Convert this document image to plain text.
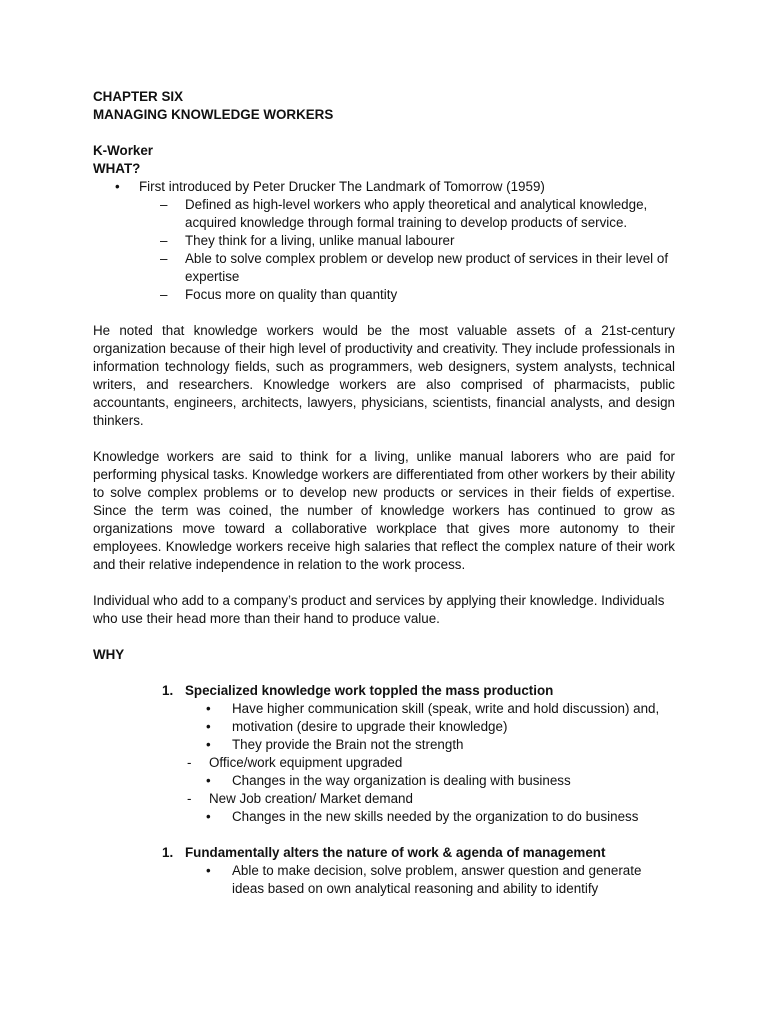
CHAPTER SIX
MANAGING KNOWLEDGE WORKERS
K-Worker
WHAT?
• First introduced by Peter Drucker The Landmark of Tomorrow (1959)
– Defined as high-level workers who apply theoretical and analytical knowledge, acquired knowledge through formal training to develop products of service.
– They think for a living, unlike manual labourer
– Able to solve complex problem or develop new product of services in their level of expertise
– Focus more on quality than quantity
He noted that knowledge workers would be the most valuable assets of a 21st-century organization because of their high level of productivity and creativity. They include professionals in information technology fields, such as programmers, web designers, system analysts, technical writers, and researchers. Knowledge workers are also comprised of pharmacists, public accountants, engineers, architects, lawyers, physicians, scientists, financial analysts, and design thinkers.
Knowledge workers are said to think for a living, unlike manual laborers who are paid for performing physical tasks. Knowledge workers are differentiated from other workers by their ability to solve complex problems or to develop new products or services in their fields of expertise. Since the term was coined, the number of knowledge workers has continued to grow as organizations move toward a collaborative workplace that gives more autonomy to their employees. Knowledge workers receive high salaries that reflect the complex nature of their work and their relative independence in relation to the work process.
Individual who add to a company’s product and services by applying their knowledge. Individuals who use their head more than their hand to produce value.
WHY
1. Specialized knowledge work toppled the mass production
• Have higher communication skill (speak, write and hold discussion) and,
• motivation (desire to upgrade their knowledge)
• They provide the Brain not the strength
- Office/work equipment upgraded
• Changes in the way organization is dealing with business
- New Job creation/ Market demand
• Changes in the new skills needed by the organization to do business
1. Fundamentally alters the nature of work & agenda of management
• Able to make decision, solve problem, answer question and generate ideas based on own analytical reasoning and ability to identify
